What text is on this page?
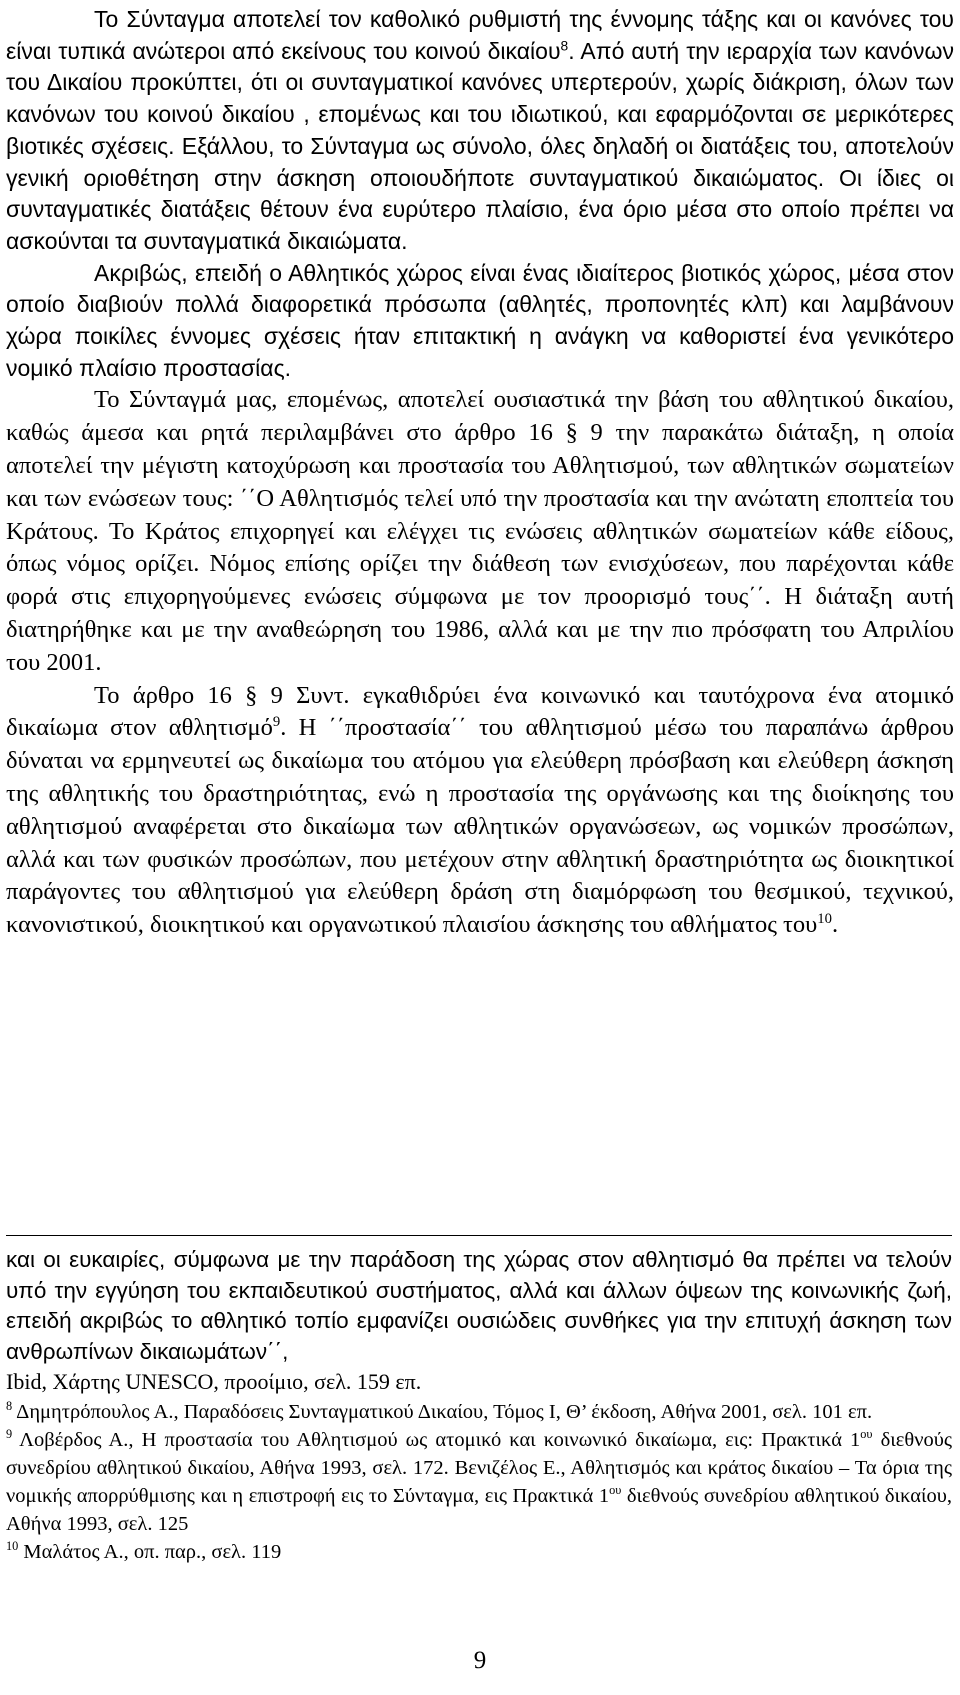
Το Σύνταγμα αποτελεί τον καθολικό ρυθμιστή της έννομης τάξης και οι κανόνες του είναι τυπικά ανώτεροι από εκείνους του κοινού δικαίου$^8$. Από αυτή την ιεραρχία των κανόνων του Δικαίου προκύπτει, ότι οι συνταγματικοί κανόνες υπερτερούν, χωρίς διάκριση, όλων των κανόνων του κοινού δικαίου , επομένως και του ιδιωτικού, και εφαρμόζονται σε μερικότερες βιοτικές σχέσεις. Εξάλλου, το Σύνταγμα ως σύνολο, όλες δηλαδή οι διατάξεις του, αποτελούν γενική οριοθέτηση στην άσκηση οποιουδήποτε συνταγματικού δικαιώματος. Οι ίδιες οι συνταγματικές διατάξεις θέτουν ένα ευρύτερο πλαίσιο, ένα όριο μέσα στο οποίο πρέπει να ασκούνται τα συνταγματικά δικαιώματα.

Ακριβώς, επειδή ο Αθλητικός χώρος είναι ένας ιδιαίτερος βιοτικός χώρος, μέσα στον οποίο διαβιούν πολλά διαφορετικά πρόσωπα (αθλητές, προπονητές κλπ) και λαμβάνουν χώρα ποικίλες έννομες σχέσεις ήταν επιτακτική η ανάγκη να καθοριστεί ένα γενικότερο νομικό πλαίσιο προστασίας.

Το Σύνταγμά μας, επομένως, αποτελεί ουσιαστικά την βάση του αθλητικού δικαίου, καθώς άμεσα και ρητά περιλαμβάνει στο άρθρο 16 § 9 την παρακάτω διάταξη, η οποία αποτελεί την μέγιστη κατοχύρωση και προστασία του Αθλητισμού, των αθλητικών σωματείων και των ενώσεων τους: ΄΄Ο Αθλητισμός τελεί υπό την προστασία και την ανώτατη εποπτεία του Κράτους. Το Κράτος επιχορηγεί και ελέγχει τις ενώσεις αθλητικών σωματείων κάθε είδους, όπως νόμος ορίζει. Νόμος επίσης ορίζει την διάθεση των ενισχύσεων, που παρέχονται κάθε φορά στις επιχορηγούμενες ενώσεις σύμφωνα με τον προορισμό τους΄΄. Η διάταξη αυτή διατηρήθηκε και με την αναθεώρηση του 1986, αλλά και με την πιο πρόσφατη του Απριλίου του 2001.

Το άρθρο 16 § 9 Συντ. εγκαθιδρύει ένα κοινωνικό και ταυτόχρονα ένα ατομικό δικαίωμα στον αθλητισμό$^9$. Η ΄΄προστασία΄΄ του αθλητισμού μέσω του παραπάνω άρθρου δύναται να ερμηνευτεί ως δικαίωμα του ατόμου για ελεύθερη πρόσβαση και ελεύθερη άσκηση της αθλητικής του δραστηριότητας, ενώ η προστασία της οργάνωσης και της διοίκησης του αθλητισμού αναφέρεται στο δικαίωμα των αθλητικών οργανώσεων, ως νομικών προσώπων, αλλά και των φυσικών προσώπων, που μετέχουν στην αθλητική δραστηριότητα ως διοικητικοί παράγοντες του αθλητισμού για ελεύθερη δράση στη διαμόρφωση του θεσμικού, τεχνικού, κανονιστικού, διοικητικού και οργανωτικού πλαισίου άσκησης του αθλήματος του$^{10}$.

και οι ευκαιρίες, σύμφωνα με την παράδοση της χώρας στον αθλητισμό θα πρέπει να τελούν υπό την εγγύηση του εκπαιδευτικού συστήματος, αλλά και άλλων όψεων της κοινωνικής ζωή, επειδή ακριβώς το αθλητικό τοπίο εμφανίζει ουσιώδεις συνθήκες για την επιτυχή άσκηση των ανθρωπίνων δικαιωμάτων΄΄,
Ibid, Χάρτης UNESCO, προοίμιο, σελ. 159 επ.

$^8$ Δημητρόπουλος Α., Παραδόσεις Συνταγματικού Δικαίου, Τόμος Ι, Θ’ έκδοση, Αθήνα 2001, σελ. 101 επ.

$^9$ Λοβέρδος Α., Η προστασία του Αθλητισμού ως ατομικό και κοινωνικό δικαίωμα, εις: Πρακτικά $1^{o\upsilon}$ διεθνούς συνεδρίου αθλητικού δικαίου, Αθήνα 1993, σελ. 172. Βενιζέλος Ε., Αθλητισμός και κράτος δικαίου – Τα όρια της νομικής απορρύθμισης και η επιστροφή εις το Σύνταγμα, εις Πρακτικά $1^{o\upsilon}$ διεθνούς συνεδρίου αθλητικού δικαίου, Αθήνα 1993, σελ. 125

$^{10}$ Μαλάτος Α., οπ. παρ., σελ. 119

9
